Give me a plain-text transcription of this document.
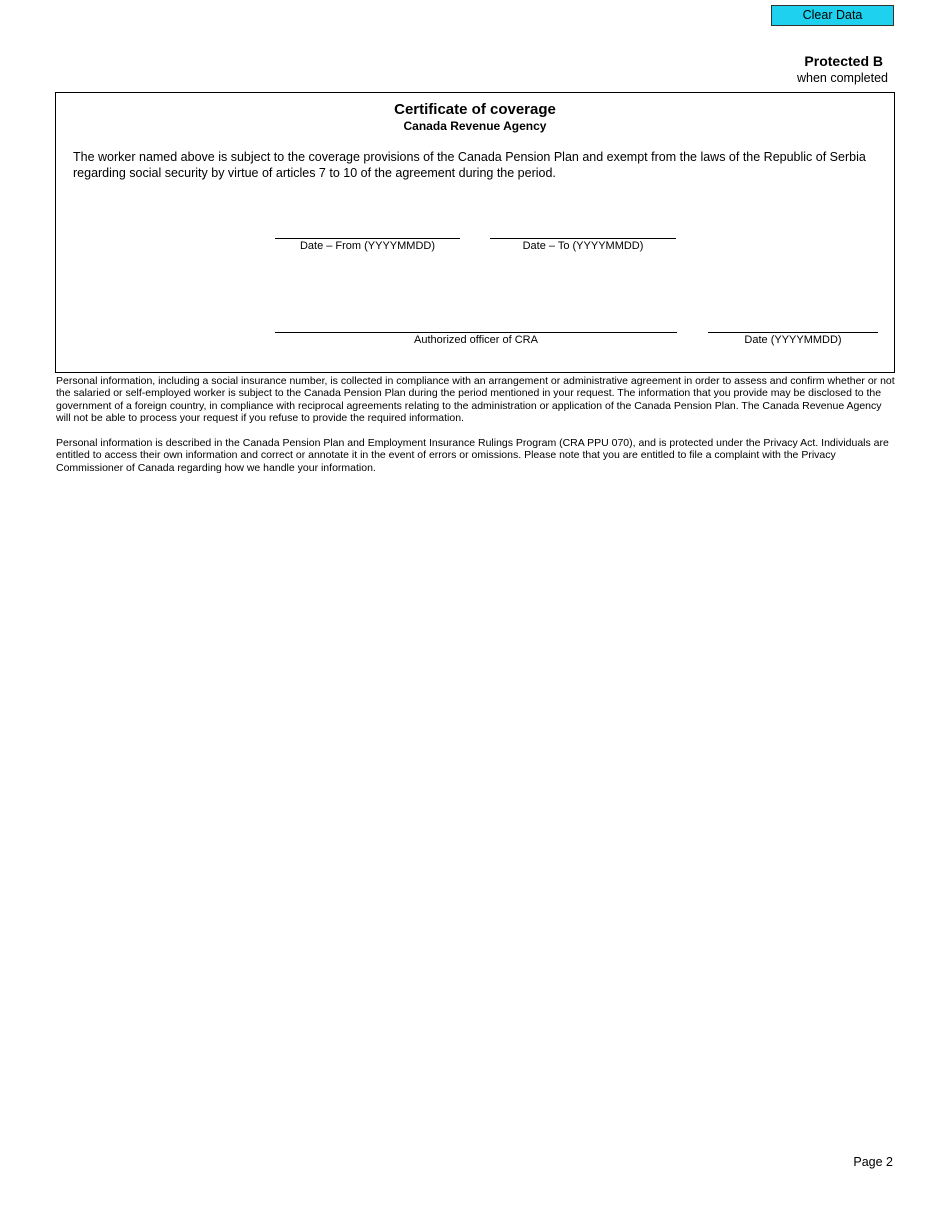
Clear Data
Protected B
when completed
Certificate of coverage
Canada Revenue Agency
The worker named above is subject to the coverage provisions of the Canada Pension Plan and exempt from the laws of the Republic of Serbia regarding social security by virtue of articles 7 to 10 of the agreement during the period.
Date – From (YYYYMMDD)	Date – To (YYYYMMDD)
Authorized officer of CRA	Date (YYYYMMDD)
Personal information, including a social insurance number, is collected in compliance with an arrangement or administrative agreement in order to assess and confirm whether or not the salaried or self-employed worker is subject to the Canada Pension Plan during the period mentioned in your request. The information that you provide may be disclosed to the government of a foreign country, in compliance with reciprocal agreements relating to the administration or application of the Canada Pension Plan. The Canada Revenue Agency will not be able to process your request if you refuse to provide the required information.
Personal information is described in the Canada Pension Plan and Employment Insurance Rulings Program (CRA PPU 070), and is protected under the Privacy Act. Individuals are entitled to access their own information and correct or annotate it in the event of errors or omissions. Please note that you are entitled to file a complaint with the Privacy Commissioner of Canada regarding how we handle your information.
Page 2
